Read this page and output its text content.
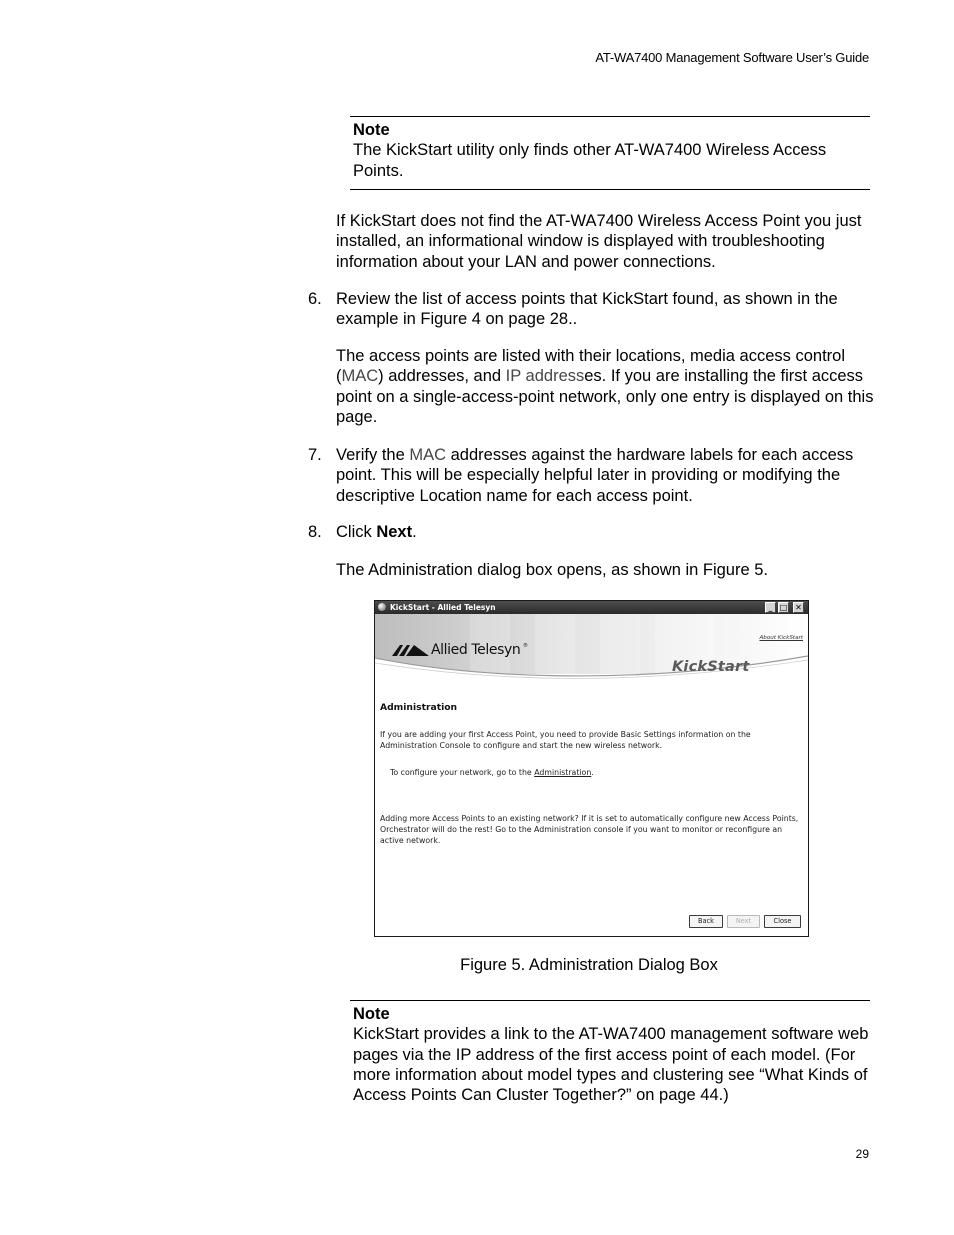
AT-WA7400 Management Software User’s Guide
Note
The KickStart utility only finds other AT-WA7400 Wireless Access Points.
If KickStart does not find the AT-WA7400 Wireless Access Point you just installed, an informational window is displayed with troubleshooting information about your LAN and power connections.
6. Review the list of access points that KickStart found, as shown in the example in Figure 4 on page 28..
The access points are listed with their locations, media access control (MAC) addresses, and IP addresses. If you are installing the first access point on a single-access-point network, only one entry is displayed on this page.
7. Verify the MAC addresses against the hardware labels for each access point. This will be especially helpful later in providing or modifying the descriptive Location name for each access point.
8. Click Next.
The Administration dialog box opens, as shown in Figure 5.
KickStart - Allied Telesyn	_ □ ✕
About KickStart
Allied Telesyn ®
KickStart
Administration
If you are adding your first Access Point, you need to provide Basic Settings information on the
Administration Console to configure and start the new wireless network.
To configure your network, go to the Administration.
Adding more Access Points to an existing network? If it is set to automatically configure new Access Points,
Orchestrator will do the rest! Go to the Administration console if you want to monitor or reconfigure an
active network.
Back	Next	Close
Figure 5. Administration Dialog Box
Note
KickStart provides a link to the AT-WA7400 management software web pages via the IP address of the first access point of each model. (For more information about model types and clustering see “What Kinds of Access Points Can Cluster Together?” on page 44.)
29
